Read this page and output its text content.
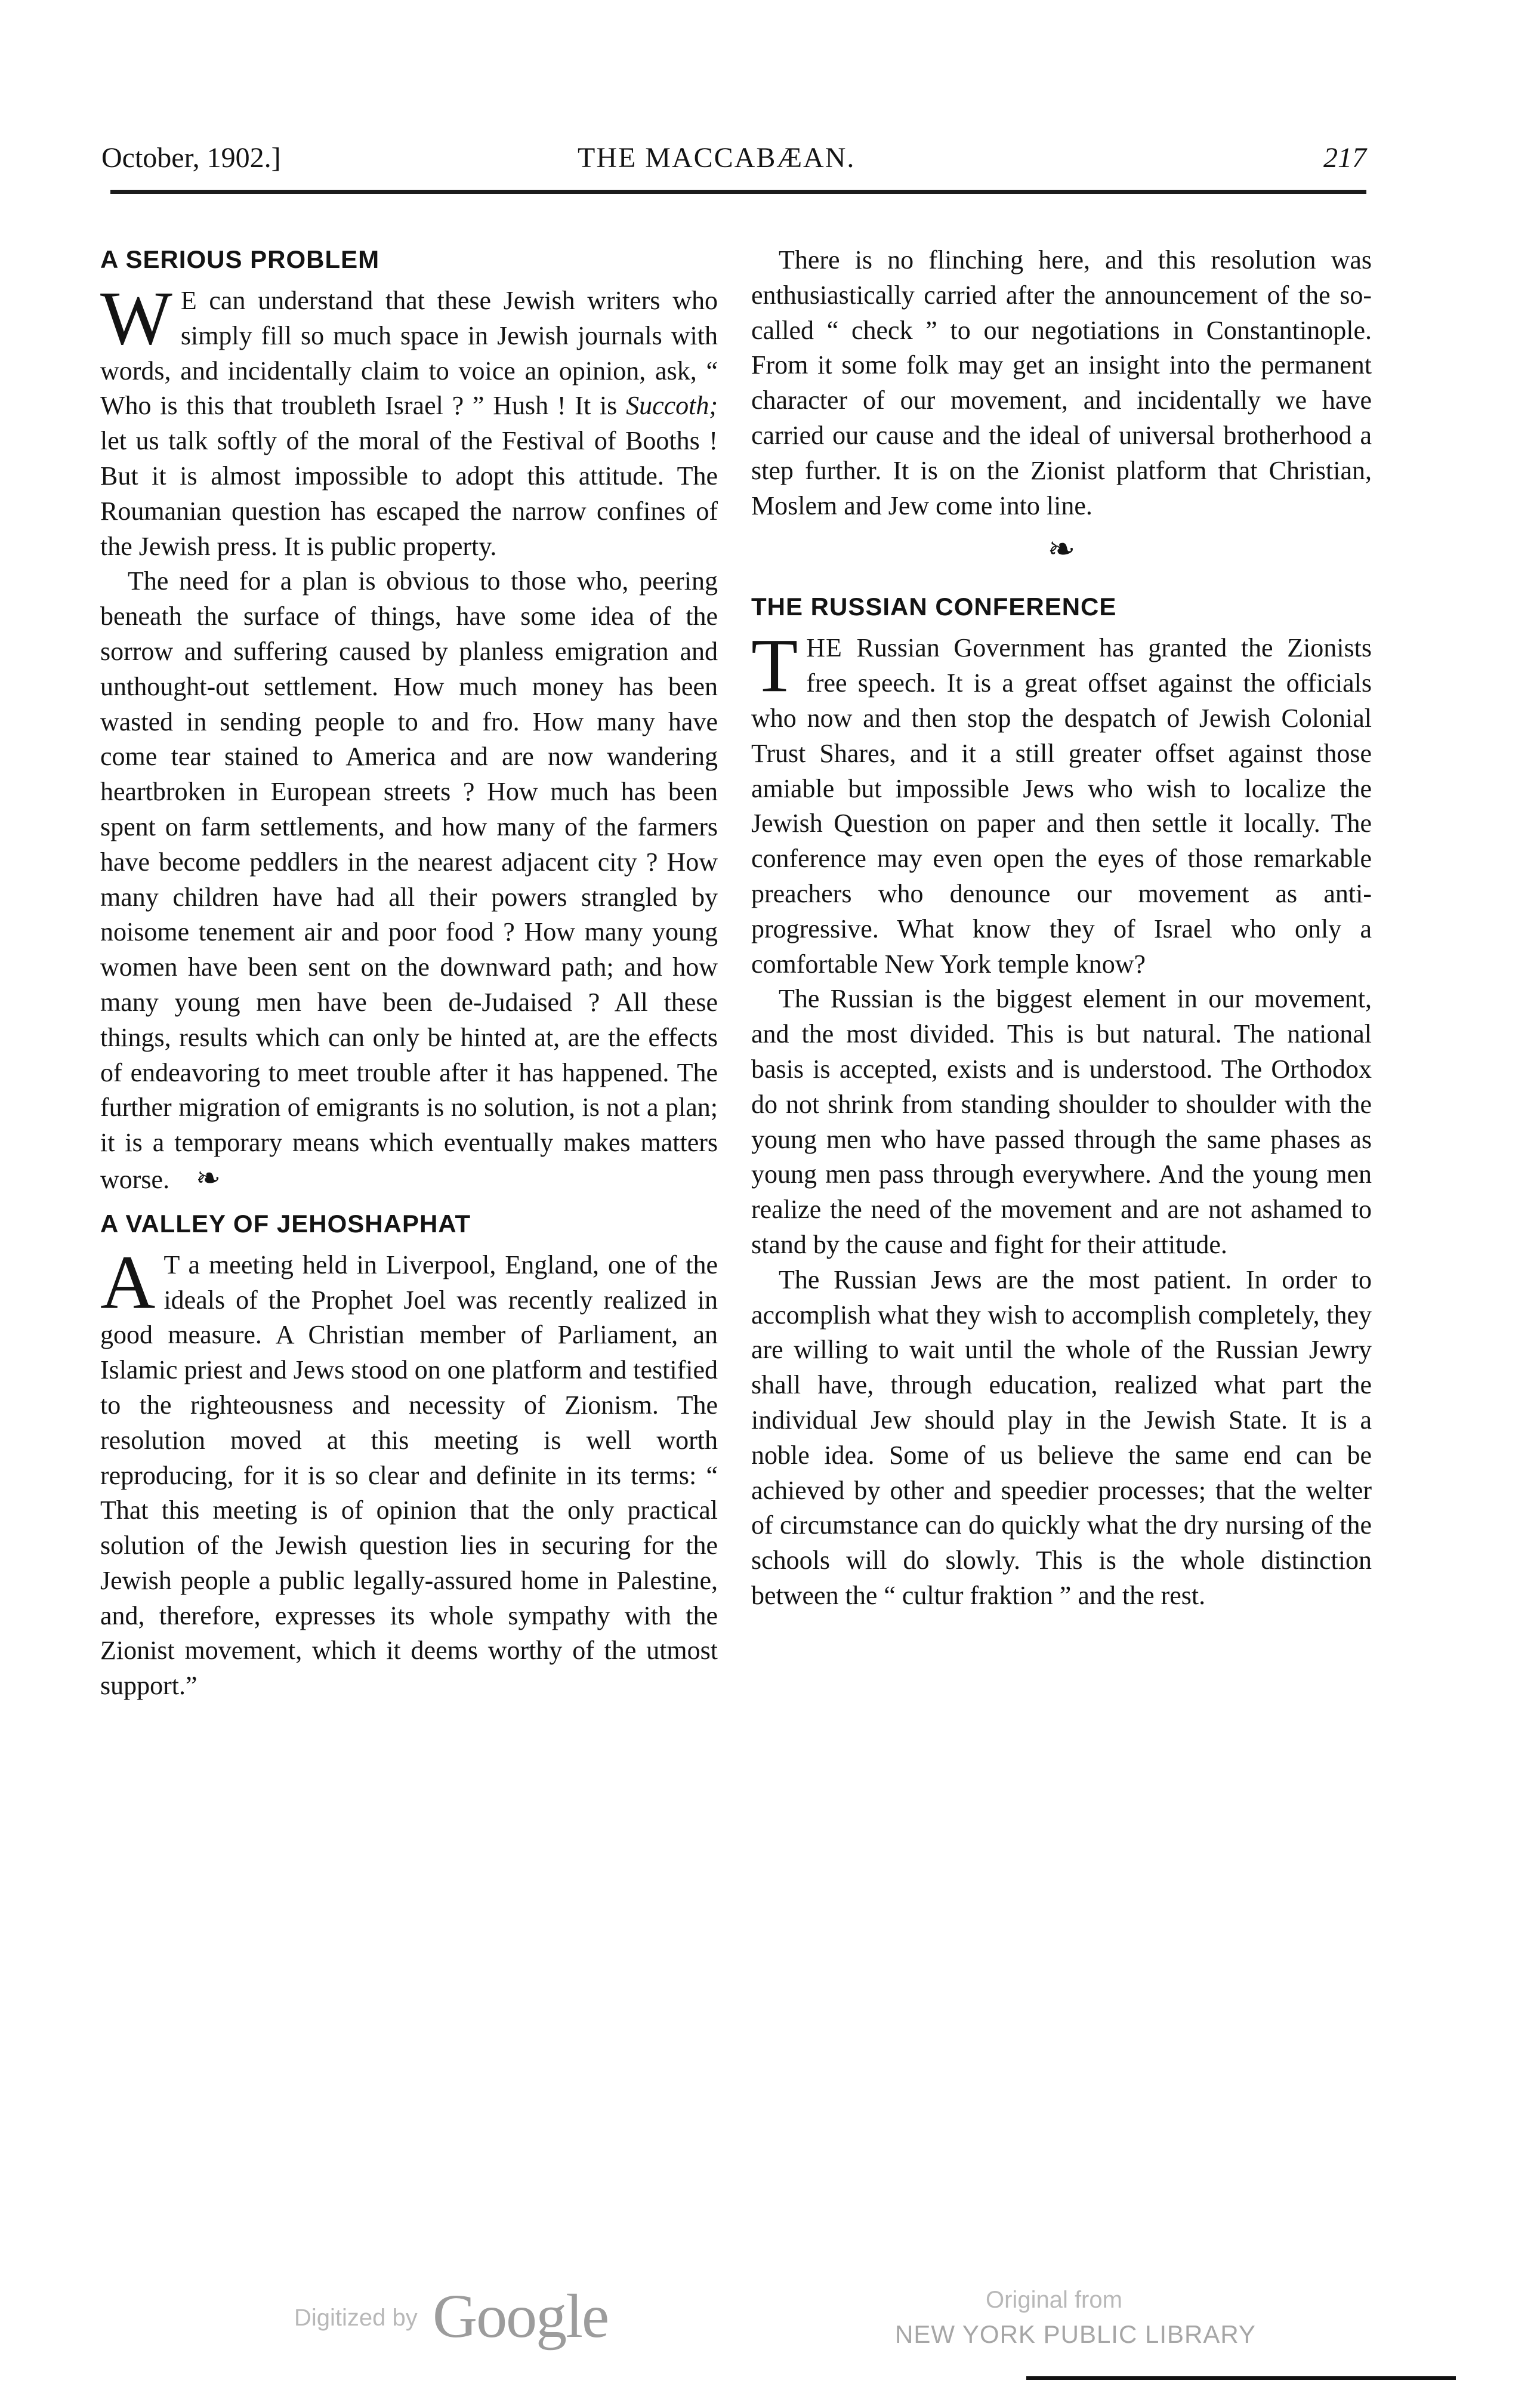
October, 1902.]	THE MACCABÆAN.	217
A SERIOUS PROBLEM

W E can understand that these Jewish writers who simply fill so much space in Jewish journals with words, and incidentally claim to voice an opinion, ask, “ Who is this that troubleth Israel ? ” Hush ! It is Succoth; let us talk softly of the moral of the Festival of Booths ! But it is almost impossible to adopt this attitude. The Roumanian question has escaped the narrow confines of the Jewish press. It is public property.

The need for a plan is obvious to those who, peering beneath the surface of things, have some idea of the sorrow and suffering caused by planless emigration and unthought-out settlement. How much money has been wasted in sending people to and fro. How many have come tear stained to America and are now wandering heartbroken in European streets ? How much has been spent on farm settlements, and how many of the farmers have become peddlers in the nearest adjacent city ? How many children have had all their powers strangled by noisome tenement air and poor food ? How many young women have been sent on the downward path; and how many young men have been de-Judaised ? All these things, results which can only be hinted at, are the effects of endeavoring to meet trouble after it has happened. The further migration of emigrants is no solution, is not a plan; it is a temporary means which eventually makes matters worse. ❧

A VALLEY OF JEHOSHAPHAT

A T a meeting held in Liverpool, England, one of the ideals of the Prophet Joel was recently realized in good measure. A Christian member of Parliament, an Islamic priest and Jews stood on one platform and testified to the righteousness and necessity of Zionism. The resolution moved at this meeting is well worth reproducing, for it is so clear and definite in its terms: “ That this meeting is of opinion that the only practical solution of the Jewish question lies in securing for the Jewish people a public legally-assured home in Palestine, and, therefore, expresses its whole sympathy with the Zionist movement, which it deems worthy of the utmost support.”

There is no flinching here, and this resolution was enthusiastically carried after the announcement of the so-called “ check ” to our negotiations in Constantinople. From it some folk may get an insight into the permanent character of our movement, and incidentally we have carried our cause and the ideal of universal brotherhood a step further. It is on the Zionist platform that Christian, Moslem and Jew come into line.

❧
THE RUSSIAN CONFERENCE

THE Russian Government has granted the Zionists free speech. It is a great offset against the officials who now and then stop the despatch of Jewish Colonial Trust Shares, and it a still greater offset against those amiable but impossible Jews who wish to localize the Jewish Question on paper and then settle it locally. The conference may even open the eyes of those remarkable preachers who denounce our movement as anti-progressive. What know they of Israel who only a comfortable New York temple know?

The Russian is the biggest element in our movement, and the most divided. This is but natural. The national basis is accepted, exists and is understood. The Orthodox do not shrink from standing shoulder to shoulder with the young men who have passed through the same phases as young men pass through everywhere. And the young men realize the need of the movement and are not ashamed to stand by the cause and fight for their attitude.

The Russian Jews are the most patient. In order to accomplish what they wish to accomplish completely, they are willing to wait until the whole of the Russian Jewry shall have, through education, realized what part the individual Jew should play in the Jewish State. It is a noble idea. Some of us believe the same end can be achieved by other and speedier processes; that the welter of circumstance can do quickly what the dry nursing of the schools will do slowly. This is the whole distinction between the “ cultur fraktion ” and the rest.

Digitized by Google	Original from
NEW YORK PUBLIC LIBRARY
